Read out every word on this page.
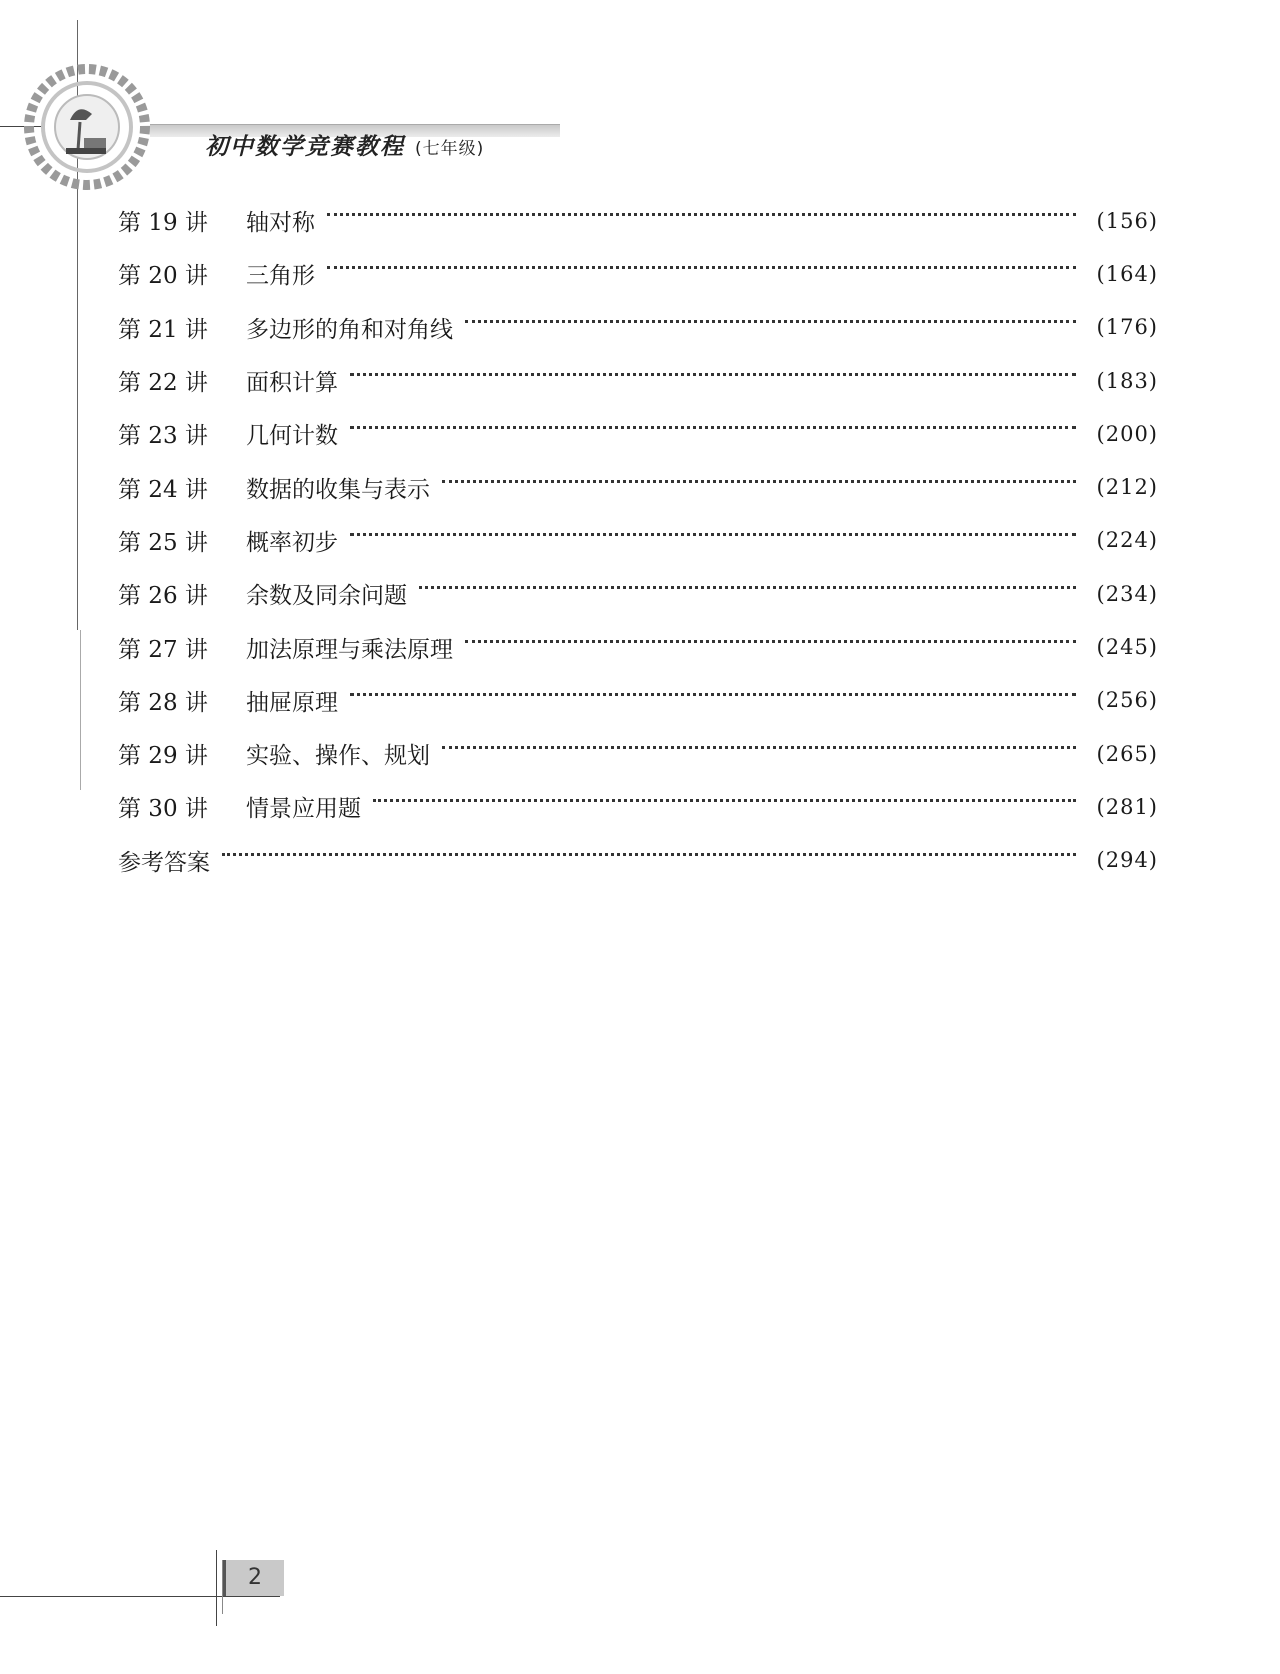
初中数学竞赛教程 (七年级)
第 19 讲	轴对称	(156)
第 20 讲	三角形	(164)
第 21 讲	多边形的角和对角线	(176)
第 22 讲	面积计算	(183)
第 23 讲	几何计数	(200)
第 24 讲	数据的收集与表示	(212)
第 25 讲	概率初步	(224)
第 26 讲	余数及同余问题	(234)
第 27 讲	加法原理与乘法原理	(245)
第 28 讲	抽屉原理	(256)
第 29 讲	实验、操作、规划	(265)
第 30 讲	情景应用题	(281)
参考答案	(294)
2
